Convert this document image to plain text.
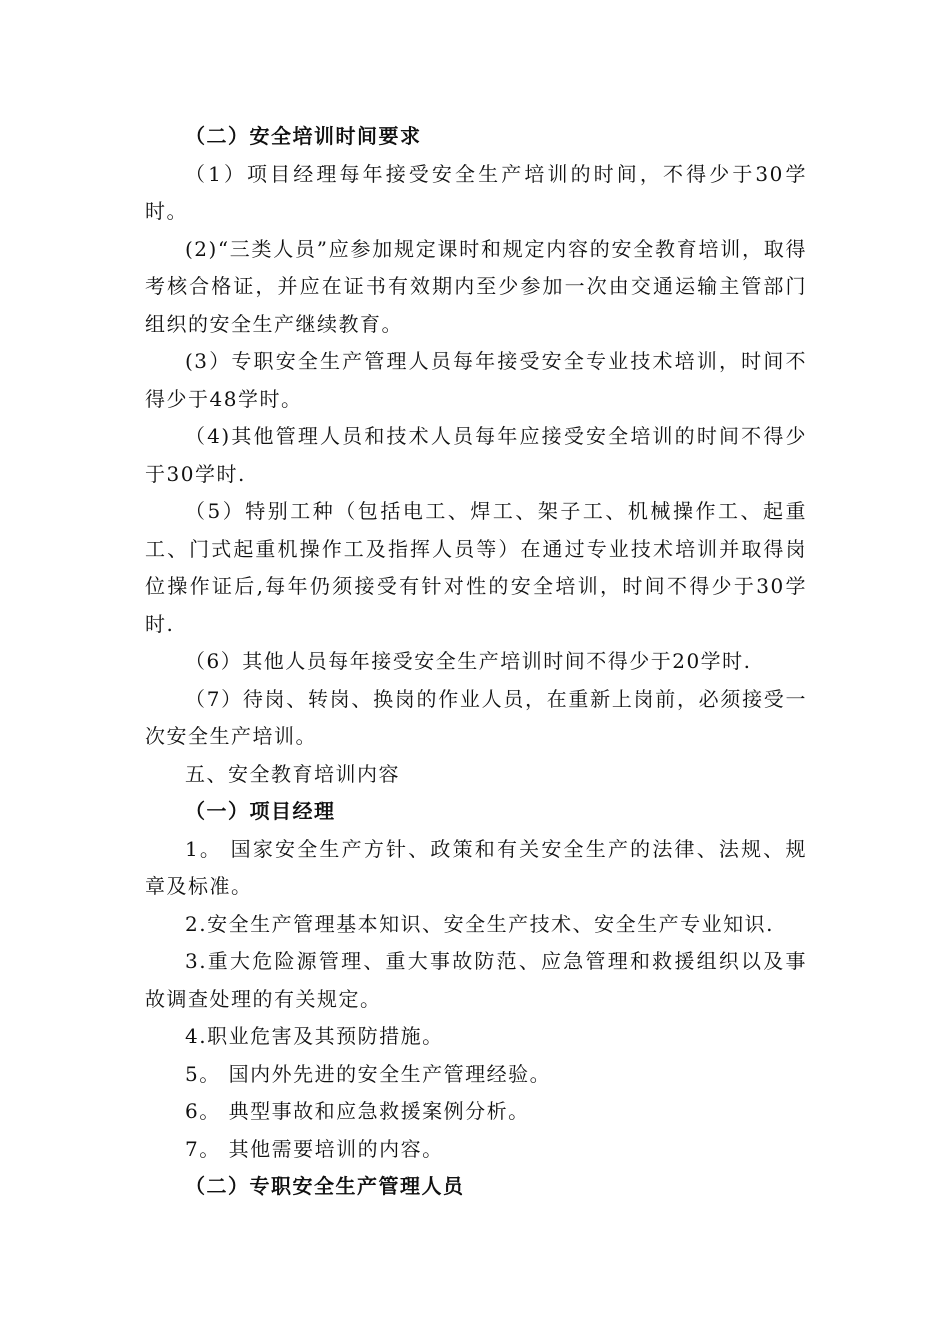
（二）安全培训时间要求

（1）项目经理每年接受安全生产培训的时间，不得少于30学时。

(2)“三类人员”应参加规定课时和规定内容的安全教育培训，取得考核合格证，并应在证书有效期内至少参加一次由交通运输主管部门组织的安全生产继续教育。

(3）专职安全生产管理人员每年接受安全专业技术培训，时间不得少于48学时。

（4)其他管理人员和技术人员每年应接受安全培训的时间不得少于30学时.

（5）特别工种（包括电工、焊工、架子工、机械操作工、起重工、门式起重机操作工及指挥人员等）在通过专业技术培训并取得岗位操作证后,每年仍须接受有针对性的安全培训，时间不得少于30学时.

（6）其他人员每年接受安全生产培训时间不得少于20学时.

（7）待岗、转岗、换岗的作业人员，在重新上岗前，必须接受一次安全生产培训。

五、安全教育培训内容

（一）项目经理

1。 国家安全生产方针、政策和有关安全生产的法律、法规、规章及标准。

2.安全生产管理基本知识、安全生产技术、安全生产专业知识.

3.重大危险源管理、重大事故防范、应急管理和救援组织以及事故调查处理的有关规定。

4.职业危害及其预防措施。

5。 国内外先进的安全生产管理经验。

6。 典型事故和应急救援案例分析。

7。 其他需要培训的内容。

（二）专职安全生产管理人员
